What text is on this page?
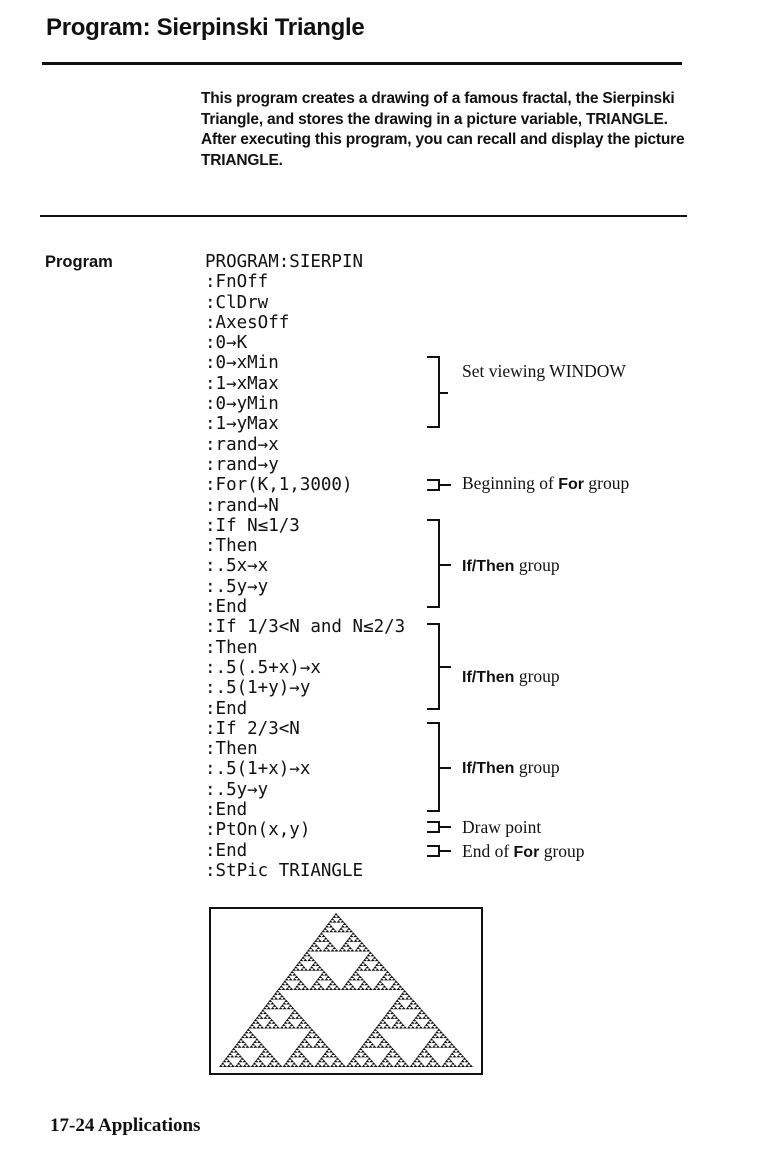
Program: Sierpinski Triangle
This program creates a drawing of a famous fractal, the Sierpinski Triangle, and stores the drawing in a picture variable, TRIANGLE. After executing this program, you can recall and display the picture TRIANGLE.
Program	PROGRAM:SIERPIN
:FnOff
:ClDrw
:AxesOff
:0→K
:0→xMin
:1→xMax
:0→yMin
:1→yMax
:rand→x
:rand→y
:For(K,1,3000)
:rand→N
:If N≤1/3
:Then
:.5x→x
:.5y→y
:End
:If 1/3<N and N≤2/3
:Then
:.5(.5+x)→x
:.5(1+y)→y
:End
:If 2/3<N
:Then
:.5(1+x)→x
:.5y→y
:End
:PtOn(x,y)
:End
:StPic TRIANGLE
Set viewing WINDOW
Beginning of For group
If/Then group
If/Then group
If/Then group
Draw point
End of For group
17-24 Applications
